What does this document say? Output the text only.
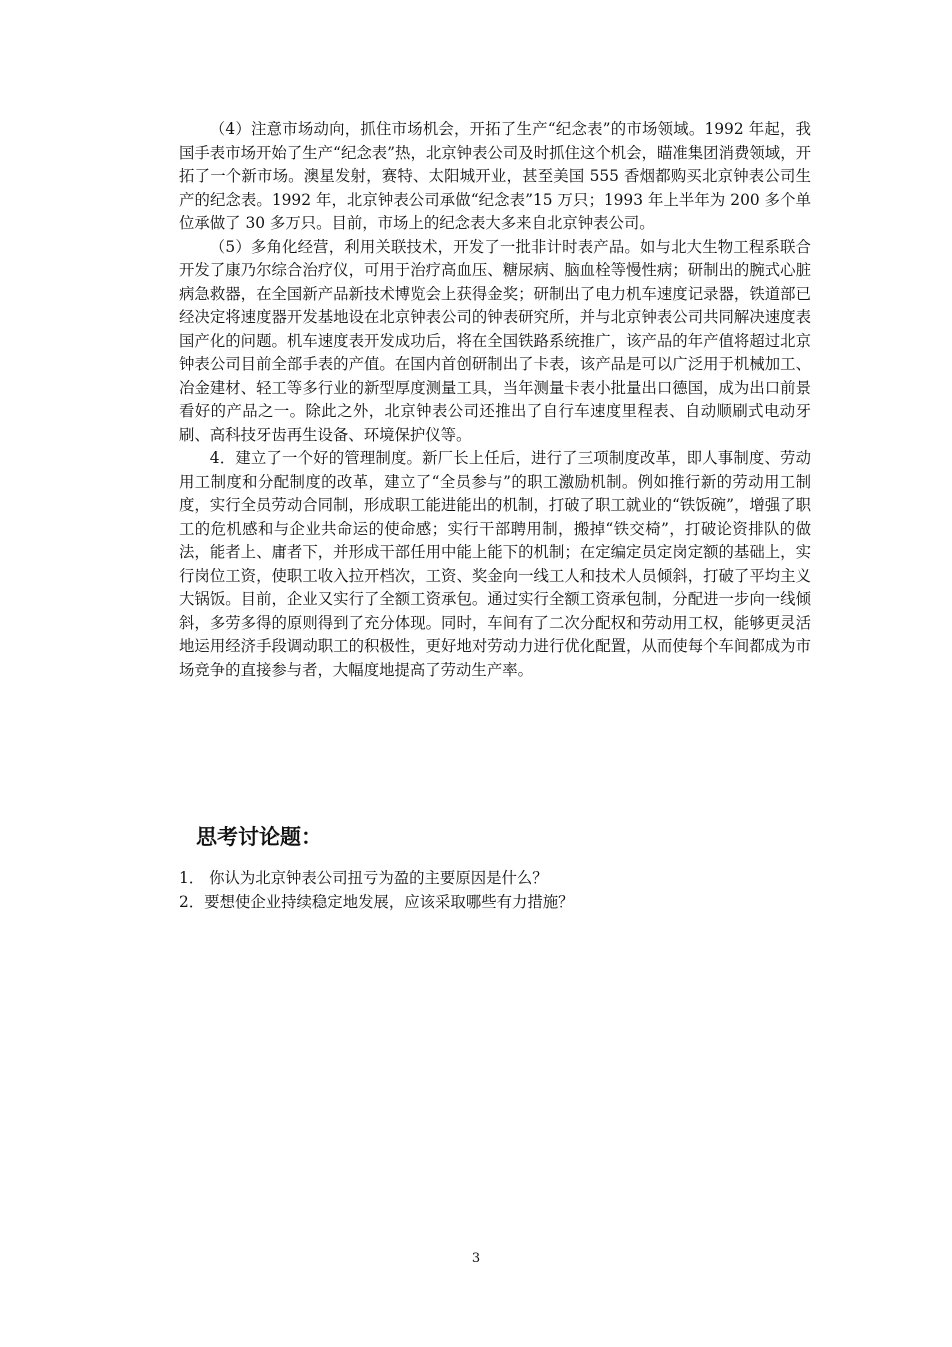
（4）注意市场动向，抓住市场机会，开拓了生产“纪念表”的市场领域。1992 年起，我国手表市场开始了生产“纪念表”热，北京钟表公司及时抓住这个机会，瞄准集团消费领域，开拓了一个新市场。澳星发射，赛特、太阳城开业，甚至美国 555 香烟都购买北京钟表公司生产的纪念表。1992 年，北京钟表公司承做“纪念表”15 万只；1993 年上半年为 200 多个单位承做了 30 多万只。目前，市场上的纪念表大多来自北京钟表公司。

（5）多角化经营，利用关联技术，开发了一批非计时表产品。如与北大生物工程系联合开发了康乃尔综合治疗仪，可用于治疗高血压、糖尿病、脑血栓等慢性病；研制出的腕式心脏病急救器，在全国新产品新技术博览会上获得金奖；研制出了电力机车速度记录器，铁道部已经决定将速度器开发基地设在北京钟表公司的钟表研究所，并与北京钟表公司共同解决速度表国产化的问题。机车速度表开发成功后，将在全国铁路系统推广，该产品的年产值将超过北京钟表公司目前全部手表的产值。在国内首创研制出了卡表，该产品是可以广泛用于机械加工、冶金建材、轻工等多行业的新型厚度测量工具，当年测量卡表小批量出口德国，成为出口前景看好的产品之一。除此之外，北京钟表公司还推出了自行车速度里程表、自动顺刷式电动牙刷、高科技牙齿再生设备、环境保护仪等。

4．建立了一个好的管理制度。新厂长上任后，进行了三项制度改革，即人事制度、劳动用工制度和分配制度的改革，建立了“全员参与”的职工激励机制。例如推行新的劳动用工制度，实行全员劳动合同制，形成职工能进能出的机制，打破了职工就业的“铁饭碗”，增强了职工的危机感和与企业共命运的使命感；实行干部聘用制，搬掉“铁交椅”，打破论资排队的做法，能者上、庸者下，并形成干部任用中能上能下的机制；在定编定员定岗定额的基础上，实行岗位工资，使职工收入拉开档次，工资、奖金向一线工人和技术人员倾斜，打破了平均主义大锅饭。目前，企业又实行了全额工资承包。通过实行全额工资承包制，分配进一步向一线倾斜，多劳多得的原则得到了充分体现。同时，车间有了二次分配权和劳动用工权，能够更灵活地运用经济手段调动职工的积极性，更好地对劳动力进行优化配置，从而使每个车间都成为市场竞争的直接参与者，大幅度地提高了劳动生产率。

思考讨论题：
1． 你认为北京钟表公司扭亏为盈的主要原因是什么？
2．要想使企业持续稳定地发展，应该采取哪些有力措施？
3
